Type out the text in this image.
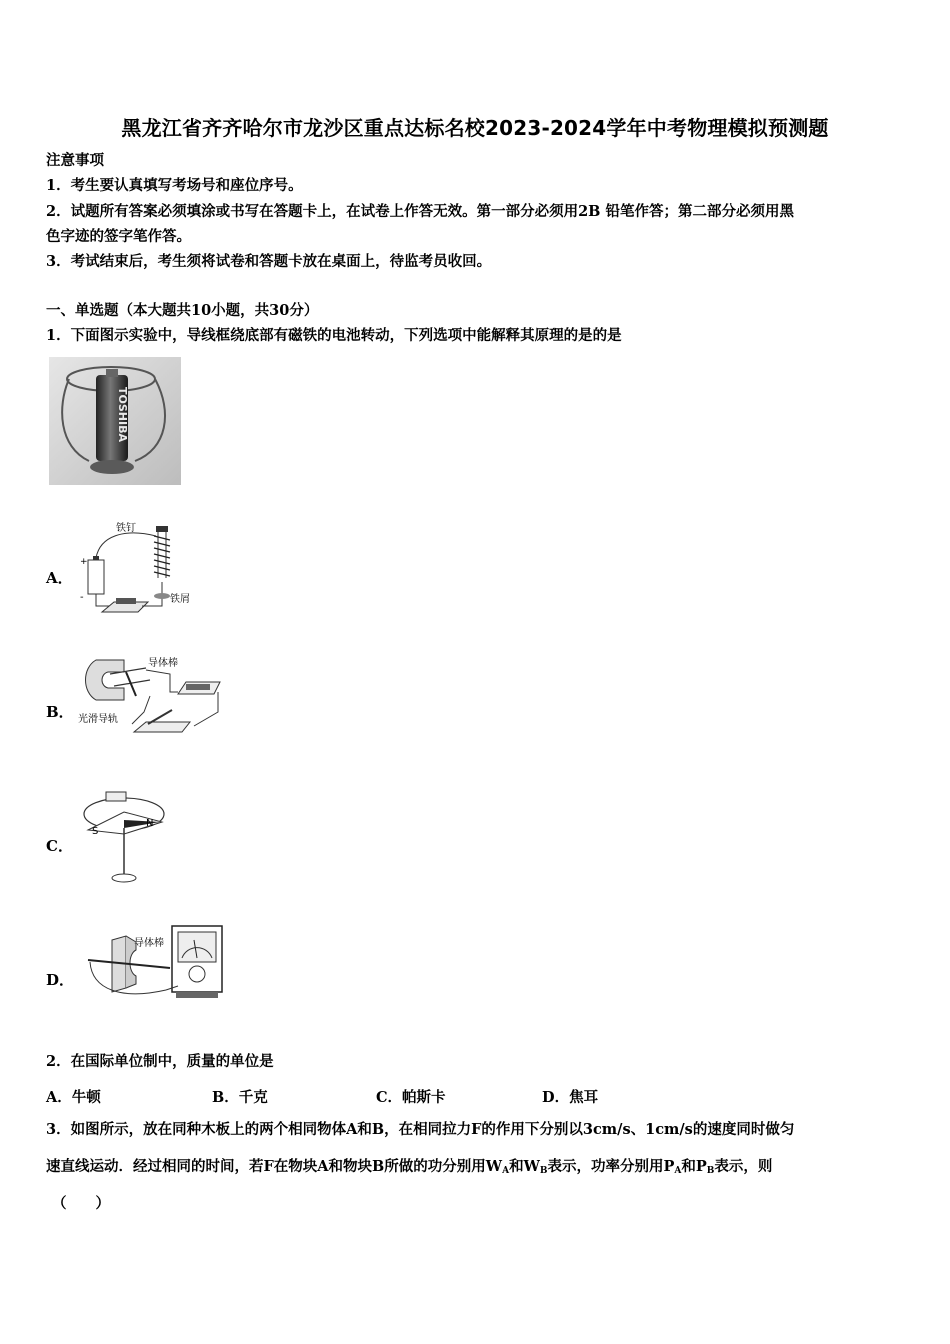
黑龙江省齐齐哈尔市龙沙区重点达标名校2023-2024学年中考物理模拟预测题
注意事项
1．考生要认真填写考场号和座位序号。
2．试题所有答案必须填涂或书写在答题卡上，在试卷上作答无效。第一部分必须用2B 铅笔作答；第二部分必须用黑
色字迹的签字笔作答。
3．考试结束后，考生须将试卷和答题卡放在桌面上，待监考员收回。
一、单选题（本大题共10小题，共30分）
1．下面图示实验中，导线框绕底部有磁铁的电池转动，下列选项中能解释其原理的是的是
TOSHIBA
A．
铁钉
+
-	铁屑
B．
导体棒
光滑导轨
C．
S
N
D．
导体棒
2．在国际单位制中，质量的单位是
A．牛顿	B．千克	C．帕斯卡	D．焦耳
3．如图所示，放在同种木板上的两个相同物体A和B，在相同拉力F的作用下分别以3cm/s、1cm/s的速度同时做匀
速直线运动．经过相同的时间，若F在物块A和物块B所做的功分别用$W_A$和$W_B$表示，功率分别用$P_A$和$P_B$表示，则
（　　）
